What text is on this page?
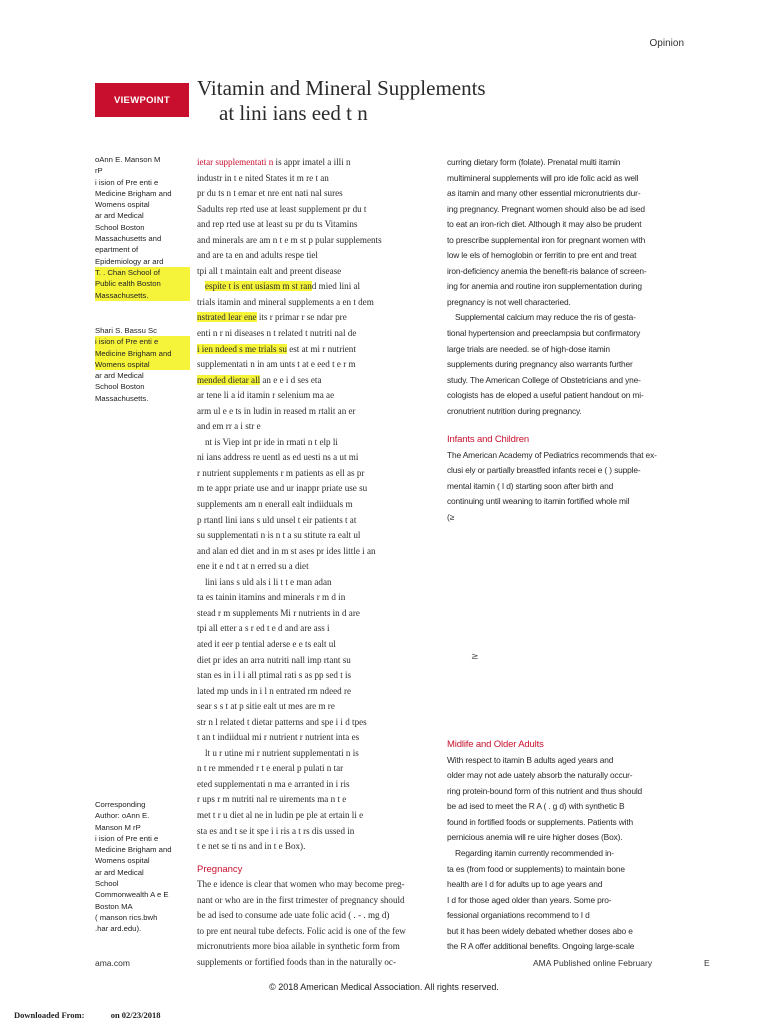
Opinion
VIEWPOINT	Vitamin and Mineral Supplements
at lini ians eed t n
oAnn E. Manson M
rP
i ision of Pre enti e
Medicine Brigham and
Womens ospital
ar ard Medical
School Boston
Massachusetts and
epartment of
Epidemiology ar ard
T. . Chan School of
Public ealth Boston
Massachusetts.
Shari S. Bassu Sc
i ision of Pre enti e
Medicine Brigham and
Womens ospital
ar ard Medical
School Boston
Massachusetts.
Corresponding
Author: oAnn E.
Manson M rP
i ision of Pre enti e
Medicine Brigham and
Womens ospital
ar ard Medical
School
Commonwealth A e E
Boston MA
( manson rics.bwh
.har ard.edu).
ietar supplementati n is appr imatel a illi n
industr in t e nited States it m re t an
pr du ts n t emar et nre ent nati nal sures
Sadults rep rted use at least supplement pr du t
and rep rted use at least su pr du ts Vitamins
and minerals are am n t e m st p pular supplements
and are ta en and adults respe tiel
tpi all t maintain ealt and preent disease
espite t is ent usiasm m st rand mied lini al
trials itamin and mineral supplements a en t dem
nstrated lear ene its r primar r se ndar pre
enti n r ni diseases n t related t nutriti nal de
i ien ndeed s me trials su est at mi r nutrient
supplementati n in am unts t at e eed t e r m
mended dietar all an e e i d ses eta
ar tene li a id itamin r selenium ma ae
arm ul e e ts in ludin in reased m rtalit an er
and em rr a i str e
nt is Viep int pr ide in rmati n t elp li
ni ians address re uentl as ed uesti ns a ut mi
r nutrient supplements r m patients as ell as pr
m te appr priate use and ur inappr priate use su
supplements am n enerall ealt indiiduals m
p rtantl lini ians s uld unsel t eir patients t at
su supplementati n is n t a su stitute ra ealt ul
and alan ed diet and in m st ases pr ides little i an
ene it e nd t at n erred su a diet
lini ians s uld als i li t t e man adan
ta es tainin itamins and minerals r m d in
stead r m supplements Mi r nutrients in d are
tpi all etter a s r ed t e d and are ass i
ated it eer p tential aderse e e ts ealt ul
diet pr ides an arra nutriti nall imp rtant su
stan es in i l i all ptimal rati s as pp sed t is
lated mp unds in i l n entrated rm ndeed re
sear s s t at p sitie ealt ut mes are m re
str n l related t dietar patterns and spe i i d tpes
t an t indiidual mi r nutrient r nutrient inta es
lt u r utine mi r nutrient supplementati n is
n t re mmended r t e eneral p pulati n tar
eted supplementati n ma e arranted in i ris
r ups r m nutriti nal re uirements ma n t e
met t r u diet al ne in ludin pe ple at ertain li e
sta es and t se it spe i i ris a t rs dis ussed in
t e net se ti ns and in t e Box).
Pregnancy
The e idence is clear that women who may become preg-
nant or who are in the first trimester of pregnancy should
be ad ised to consume ade uate folic acid ( . - . mg d)
to pre ent neural tube defects. Folic acid is one of the few
micronutrients more bioa ailable in synthetic form from
supplements or fortified foods than in the naturally oc-
curring dietary form (folate). Prenatal multi itamin
multimineral supplements will pro ide folic acid as well
as itamin and many other essential micronutrients dur-
ing pregnancy. Pregnant women should also be ad ised
to eat an iron-rich diet. Although it may also be prudent
to prescribe supplemental iron for pregnant women with
low le els of hemoglobin or ferritin to pre ent and treat
iron-deficiency anemia the benefit-ris balance of screen-
ing for anemia and routine iron supplementation during
pregnancy is not well characteried.
Supplemental calcium may reduce the ris of gesta-
tional hypertension and preeclampsia but confirmatory
large trials are needed. se of high-dose itamin
supplements during pregnancy also warrants further
study. The American College of Obstetricians and yne-
cologists has de eloped a useful patient handout on mi-
cronutrient nutrition during pregnancy.
Infants and Children
The American Academy of Pediatrics recommends that ex-
clusi ely or partially breastfed infants recei e ( ) supple-
mental itamin ( I d) starting soon after birth and
continuing until weaning to itamin fortified whole mil
(≥
≥
Midlife and Older Adults
With respect to itamin B adults aged years and
older may not ade uately absorb the naturally occur-
ring protein-bound form of this nutrient and thus should
be ad ised to meet the R A ( . g d) with synthetic B
found in fortified foods or supplements. Patients with
pernicious anemia will re uire higher doses (Box).
Regarding itamin currently recommended in-
ta es (from food or supplements) to maintain bone
health are I d for adults up to age years and
I d for those aged older than years. Some pro-
fessional organiations recommend to I d
but it has been widely debated whether doses abo e
the R A offer additional benefits. Ongoing large-scale
ama.com	AMA Published online February	E
© 2018 American Medical Association. All rights reserved.
Downloaded From:	on 02/23/2018
